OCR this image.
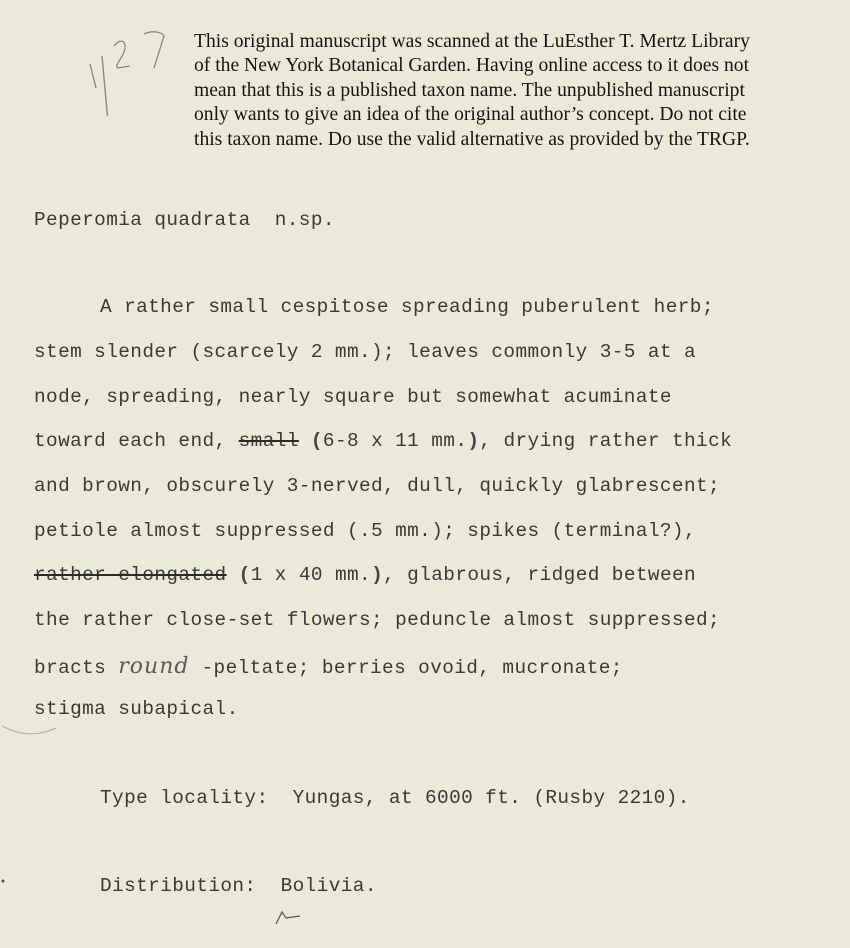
This original manuscript was scanned at the LuEsther T. Mertz Library
of the New York Botanical Garden. Having online access to it does not
mean that this is a published taxon name. The unpublished manuscript
only wants to give an idea of the original author’s concept. Do not cite
this taxon name. Do use the valid alternative as provided by the TRGP.
Peperomia quadrata n.sp.
A rather small cespitose spreading puberulent herb;
stem slender (scarcely 2 mm.); leaves commonly 3-5 at a
node, spreading, nearly square but somewhat acuminate
toward each end, small (6-8 x 11 mm.), drying rather thick
and brown, obscurely 3-nerved, dull, quickly glabrescent;
petiole almost suppressed (.5 mm.); spikes (terminal?),
rather elongated (1 x 40 mm.), glabrous, ridged between
the rather close-set flowers; peduncle almost suppressed;
bracts round -peltate; berries ovoid, mucronate;
stigma subapical.
Type locality: Yungas, at 6000 ft. (Rusby 2210).
Distribution: Bolivia.
